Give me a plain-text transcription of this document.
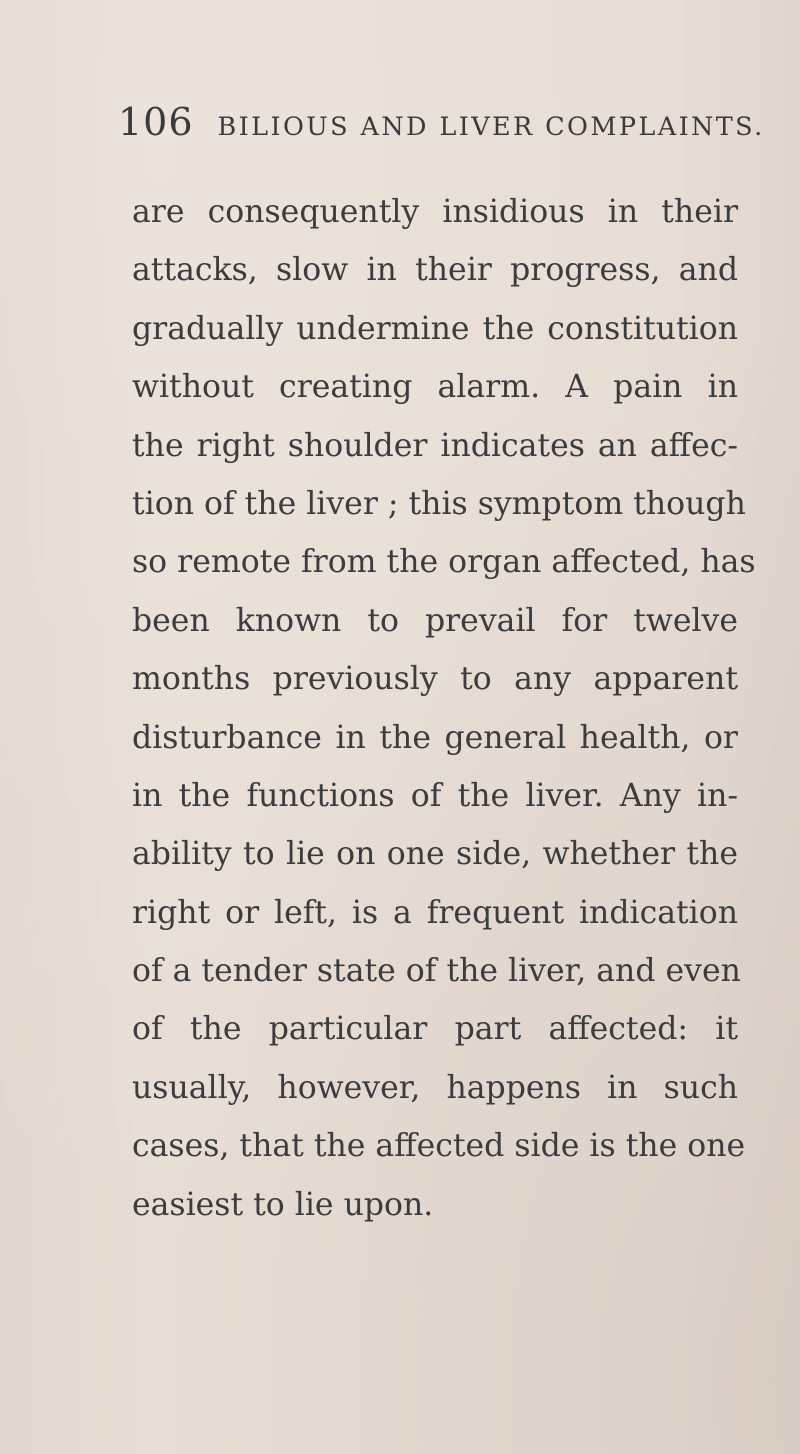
106 BILIOUS AND LIVER COMPLAINTS.
are consequently insidious in their
attacks, slow in their progress, and
gradually undermine the constitution
without creating alarm. A pain in
the right shoulder indicates an affec-
tion of the liver ; this symptom though
so remote from the organ affected, has
been known to prevail for twelve
months previously to any apparent
disturbance in the general health, or
in the functions of the liver. Any in-
ability to lie on one side, whether the
right or left, is a frequent indication
of a tender state of the liver, and even
of the particular part affected: it
usually, however, happens in such
cases, that the affected side is the one
easiest to lie upon.
